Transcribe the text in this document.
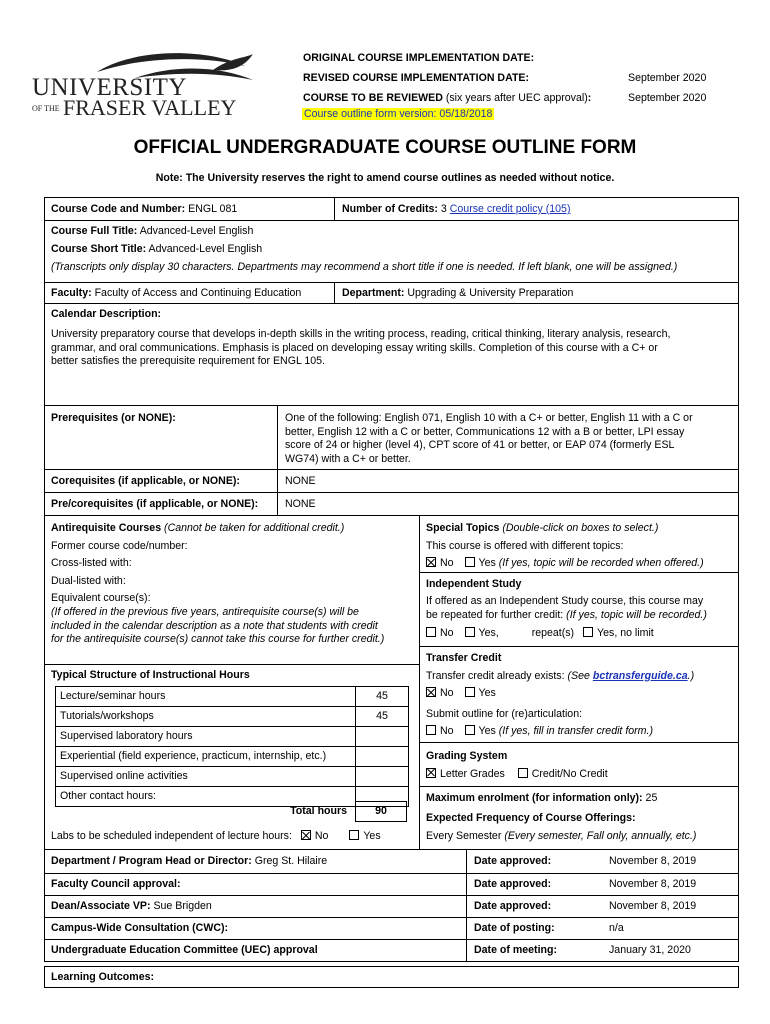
UNIVERSITY
OF THE FRASER VALLEY
ORIGINAL COURSE IMPLEMENTATION DATE:
REVISED COURSE IMPLEMENTATION DATE:	September 2020
COURSE TO BE REVIEWED (six years after UEC approval):	September 2020
Course outline form version: 05/18/2018
OFFICIAL UNDERGRADUATE COURSE OUTLINE FORM
Note: The University reserves the right to amend course outlines as needed without notice.
Course Code and Number: ENGL 081	Number of Credits: 3 Course credit policy (105)
Course Full Title: Advanced-Level English
Course Short Title: Advanced-Level English
(Transcripts only display 30 characters. Departments may recommend a short title if one is needed. If left blank, one will be assigned.)
Faculty: Faculty of Access and Continuing Education	Department: Upgrading & University Preparation
Calendar Description:
University preparatory course that develops in-depth skills in the writing process, reading, critical thinking, literary analysis, research,
grammar, and oral communications. Emphasis is placed on developing essay writing skills. Completion of this course with a C+ or
better satisfies the prerequisite requirement for ENGL 105.
Prerequisites (or NONE):	One of the following: English 071, English 10 with a C+ or better, English 11 with a C or
better, English 12 with a C or better, Communications 12 with a B or better, LPI essay
score of 24 or higher (level 4), CPT score of 41 or better, or EAP 074 (formerly ESL
WG74) with a C+ or better.
Corequisites (if applicable, or NONE):	NONE
Pre/corequisites (if applicable, or NONE):	NONE
Antirequisite Courses (Cannot be taken for additional credit.)
Former course code/number:
Cross-listed with:
Dual-listed with:
Equivalent course(s):
(If offered in the previous five years, antirequisite course(s) will be
included in the calendar description as a note that students with credit
for the antirequisite course(s) cannot take this course for further credit.)
Special Topics (Double-click on boxes to select.)
This course is offered with different topics:
No Yes (If yes, topic will be recorded when offered.)
Independent Study
If offered as an Independent Study course, this course may
be repeated for further credit: (If yes, topic will be recorded.)
No Yes,	repeat(s) Yes, no limit
Transfer Credit
Transfer credit already exists: (See bctransferguide.ca.)
No Yes
Submit outline for (re)articulation:
No Yes (If yes, fill in transfer credit form.)
Grading System
Letter Grades	Credit/No Credit
Maximum enrolment (for information only): 25
Expected Frequency of Course Offerings:
Every Semester (Every semester, Fall only, annually, etc.)
Typical Structure of Instructional Hours
Lecture/seminar hours	45
Tutorials/workshops	45
Supervised laboratory hours
Experiential (field experience, practicum, internship, etc.)
Supervised online activities
Other contact hours:
Total hours	90
Labs to be scheduled independent of lecture hours: No	Yes
Department / Program Head or Director: Greg St. Hilaire	Date approved:	November 8, 2019
Faculty Council approval:	Date approved:	November 8, 2019
Dean/Associate VP: Sue Brigden	Date approved:	November 8, 2019
Campus-Wide Consultation (CWC):	Date of posting:	n/a
Undergraduate Education Committee (UEC) approval	Date of meeting:	January 31, 2020
Learning Outcomes:
